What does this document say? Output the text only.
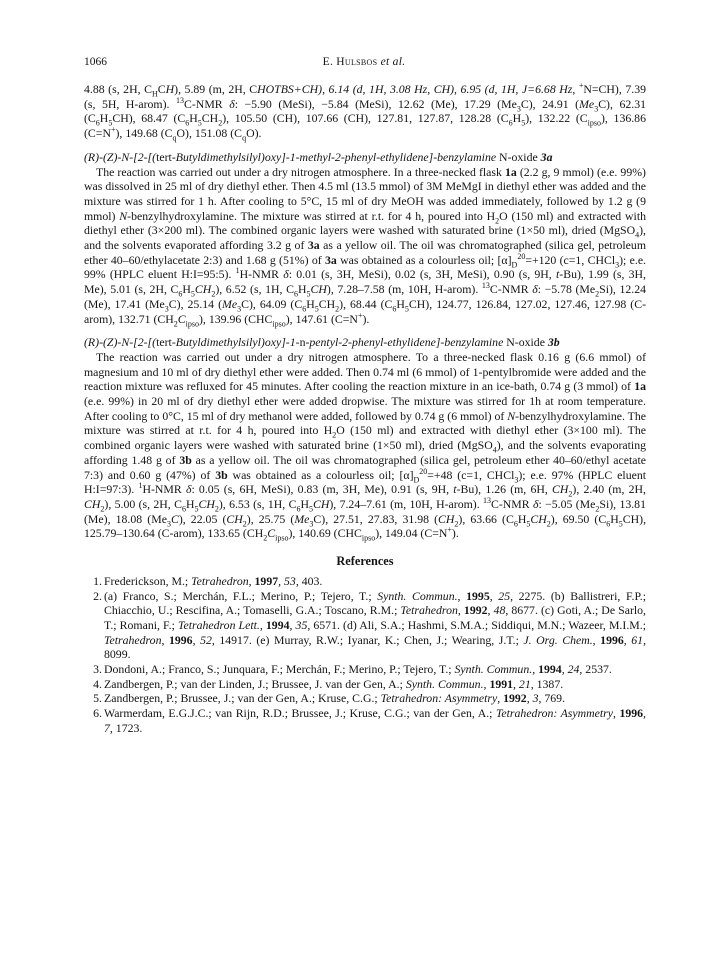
1066	E. Hulsbos et al.

4.88 (s, 2H, $C_HCH$), 5.89 (m, 2H, CHOTBS+CH), 6.14 (d, 1H, 3.08 Hz, CH), 6.95 (d, 1H, J=6.68 Hz, +N=CH), 7.39 (s, 5H, H-arom). $^{13}$C-NMR δ: −5.90 (MeSi), −5.84 (MeSi), 12.62 (Me), 17.29 $(Me_3C)$, 24.91 $(Me_3C)$, 62.31 $(C_6H_5CH)$, 68.47 $(C_6H_5CH_2)$, 105.50 (CH), 107.66 (CH), 127.81, 127.87, 128.28 $(C_6H_5)$, 132.22 $(C_{ipso})$, 136.86 (C=N+), 149.68 $(C_qO)$, 151.08 $(C_qO)$.

(R)-(Z)-N-[2-[(tert-Butyldimethylsilyl)oxy]-1-methyl-2-phenyl-ethylidene]-benzylamine N-oxide 3a

The reaction was carried out under a dry nitrogen atmosphere. In a three-necked flask 1a (2.2 g, 9 mmol) (e.e. 99%) was dissolved in 25 ml of dry diethyl ether. Then 4.5 ml (13.5 mmol) of 3M MeMgI in diethyl ether was added and the mixture was stirred for 1 h. After cooling to 5°C, 15 ml of dry MeOH was added immediately, followed by 1.2 g (9 mmol) N-benzylhydroxylamine. The mixture was stirred at r.t. for 4 h, poured into $H_2O$ (150 ml) and extracted with diethyl ether (3×200 ml). The combined organic layers were washed with saturated brine (1×50 ml), dried (MgSO$_4$), and the solvents evaporated affording 3.2 g of 3a as a yellow oil. The oil was chromatographed (silica gel, petroleum ether 40–60/ethylacetate 2:3) and 1.68 g (51%) of 3a was obtained as a colourless oil; $[\alpha]_D^{20}=+120$ (c=1, CHCl$_3$); e.e. 99% (HPLC eluent H:I=95:5). $^1$H-NMR δ: 0.01 (s, 3H, MeSi), 0.02 (s, 3H, MeSi), 0.90 (s, 9H, t-Bu), 1.99 (s, 3H, Me), 5.01 (s, 2H, $C_6H_5CH_2$), 6.52 (s, 1H, $C_6H_5CH$), 7.28–7.58 (m, 10H, H-arom). $^{13}$C-NMR δ: −5.78 $(Me_2Si)$, 12.24 (Me), 17.41 $(Me_3C)$, 25.14 $(Me_3C)$, 64.09 $(C_6H_5CH_2)$, 68.44 $(C_6H_5CH)$, 124.77, 126.84, 127.02, 127.46, 127.98 (C-arom), 132.71 $(CH_2C_{ipso})$, 139.96 $(CHC_{ipso})$, 147.61 (C=N+).

(R)-(Z)-N-[2-[(tert-Butyldimethylsilyl)oxy]-1-n-pentyl-2-phenyl-ethylidene]-benzylamine N-oxide 3b

The reaction was carried out under a dry nitrogen atmosphere. To a three-necked flask 0.16 g (6.6 mmol) of magnesium and 10 ml of dry diethyl ether were added. Then 0.74 ml (6 mmol) of 1-pentylbromide were added and the reaction mixture was refluxed for 45 minutes. After cooling the reaction mixture in an ice-bath, 0.74 g (3 mmol) of 1a (e.e. 99%) in 20 ml of dry diethyl ether were added dropwise. The mixture was stirred for 1h at room temperature. After cooling to 0°C, 15 ml of dry methanol were added, followed by 0.74 g (6 mmol) of N-benzylhydroxylamine. The mixture was stirred at r.t. for 4 h, poured into $H_2O$ (150 ml) and extracted with diethyl ether (3×100 ml). The combined organic layers were washed with saturated brine (1×50 ml), dried (MgSO$_4$), and the solvents evaporating affording 1.48 g of 3b as a yellow oil. The oil was chromatographed (silica gel, petroleum ether 40–60/ethyl acetate 7:3) and 0.60 g (47%) of 3b was obtained as a colourless oil; $[\alpha]_D^{20}=+48$ (c=1, CHCl$_3$); e.e. 97% (HPLC eluent H:I=97:3). $^1$H-NMR δ: 0.05 (s, 6H, MeSi), 0.83 (m, 3H, Me), 0.91 (s, 9H, t-Bu), 1.26 (m, 6H, $CH_2$), 2.40 (m, 2H, $CH_2$), 5.00 (s, 2H, $C_6H_5CH_2$), 6.53 (s, 1H, $C_6H_5CH$), 7.24–7.61 (m, 10H, H-arom). $^{13}$C-NMR δ: −5.05 $(Me_2Si)$, 13.81 (Me), 18.08 $(Me_3C)$, 22.05 $(CH_2)$, 25.75 $(Me_3C)$, 27.51, 27.83, 31.98 $(CH_2)$, 63.66 $(C_6H_5CH_2)$, 69.50 $(C_6H_5CH)$, 125.79–130.64 (C-arom), 133.65 $(CH_2C_{ipso})$, 140.69 $(CHC_{ipso})$, 149.04 (C=N+).

References

1. Frederickson, M.; Tetrahedron, 1997, 53, 403.

2. (a) Franco, S.; Merchán, F.L.; Merino, P.; Tejero, T.; Synth. Commun., 1995, 25, 2275. (b) Ballistreri, F.P.; Chiacchio, U.; Rescifina, A.; Tomaselli, G.A.; Toscano, R.M.; Tetrahedron, 1992, 48, 8677. (c) Goti, A.; De Sarlo, T.; Romani, F.; Tetrahedron Lett., 1994, 35, 6571. (d) Ali, S.A.; Hashmi, S.M.A.; Siddiqui, M.N.; Wazeer, M.I.M.; Tetrahedron, 1996, 52, 14917. (e) Murray, R.W.; Iyanar, K.; Chen, J.; Wearing, J.T.; J. Org. Chem., 1996, 61, 8099.

3. Dondoni, A.; Franco, S.; Junquara, F.; Merchán, F.; Merino, P.; Tejero, T.; Synth. Commun., 1994, 24, 2537.

4. Zandbergen, P.; van der Linden, J.; Brussee, J. van der Gen, A.; Synth. Commun., 1991, 21, 1387.

5. Zandbergen, P.; Brussee, J.; van der Gen, A.; Kruse, C.G.; Tetrahedron: Asymmetry, 1992, 3, 769.

6. Warmerdam, E.G.J.C.; van Rijn, R.D.; Brussee, J.; Kruse, C.G.; van der Gen, A.; Tetrahedron: Asymmetry, 1996, 7, 1723.
